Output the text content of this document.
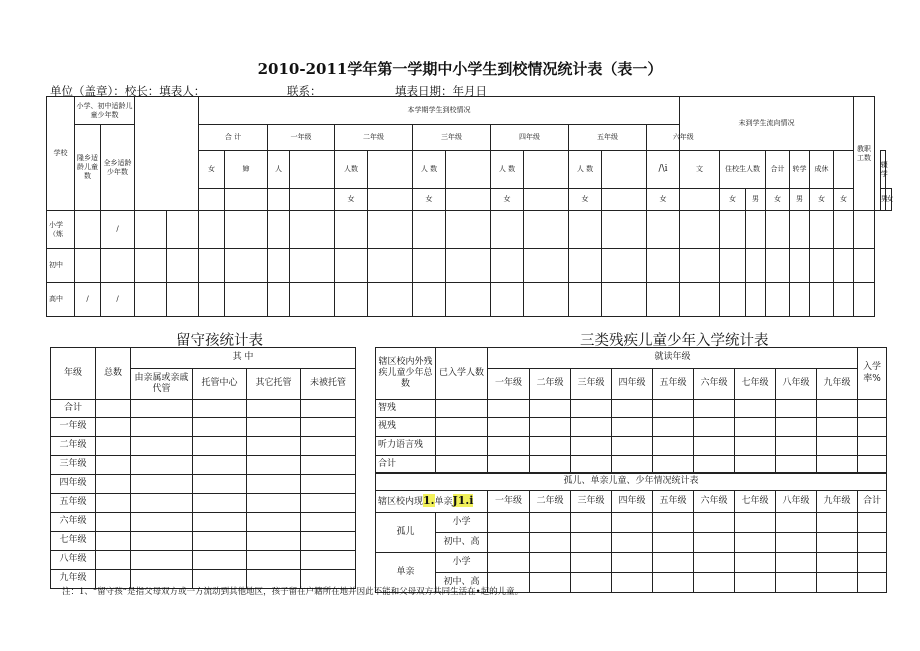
2010-2011学年第一学期中小学生到校情况统计表（表一）
单位（盖章）：校长：填表人：	联系：	填表日期：年月日
学校	小学、初中适龄儿童少年数				本学期学生到校情况													未到学生流向情况							教职工数			
	隆乡适龄儿童数	全乡适龄少年数			合 计		一年级		二年级		三年级		四年级		五年级		六年级											
					女	婶	人		人数		人 数		人 数		人 数		/\i	文	住校生人数		合计	转学	成休				辍学	
									女		女		女		女		女		女	男	女	男	女	女			男	女
小学（炼		/																										
初中																												
高中	/	/																										
留守孩统计表	三类残疾儿童少年入学统计表
年级	总数	其 中			
		由亲属或亲戚代管	托管中心	其它托管	未被托管
合计					
一年级					
二年级					
三年级					
四年级					
五年级					
六年级					
七年级					
八年级					
九年级					
辖区校内外残疾儿童少年总数	已入学人数	就读年级									入学率%
		一年级	二年级	三年级	四年级	五年级	六年级	七年级	八年级	九年级	
智残											
视残											
听力语言残											
合计											
孤儿、单亲儿童、少年情况统计表											
辖区校内现1.单亲J1.i		一年级	二年级	三年级	四年级	五年级	六年级	七年级	八年级	九年级	合计
孤儿	小学										
	初中、高										
单亲	小学										
	初中、高										
注：1、“留守孩”是指父母双方或一方流动到其他地区，孩子留在户籍所在地并因此不能和父母双方共同生活在•起的儿童。
